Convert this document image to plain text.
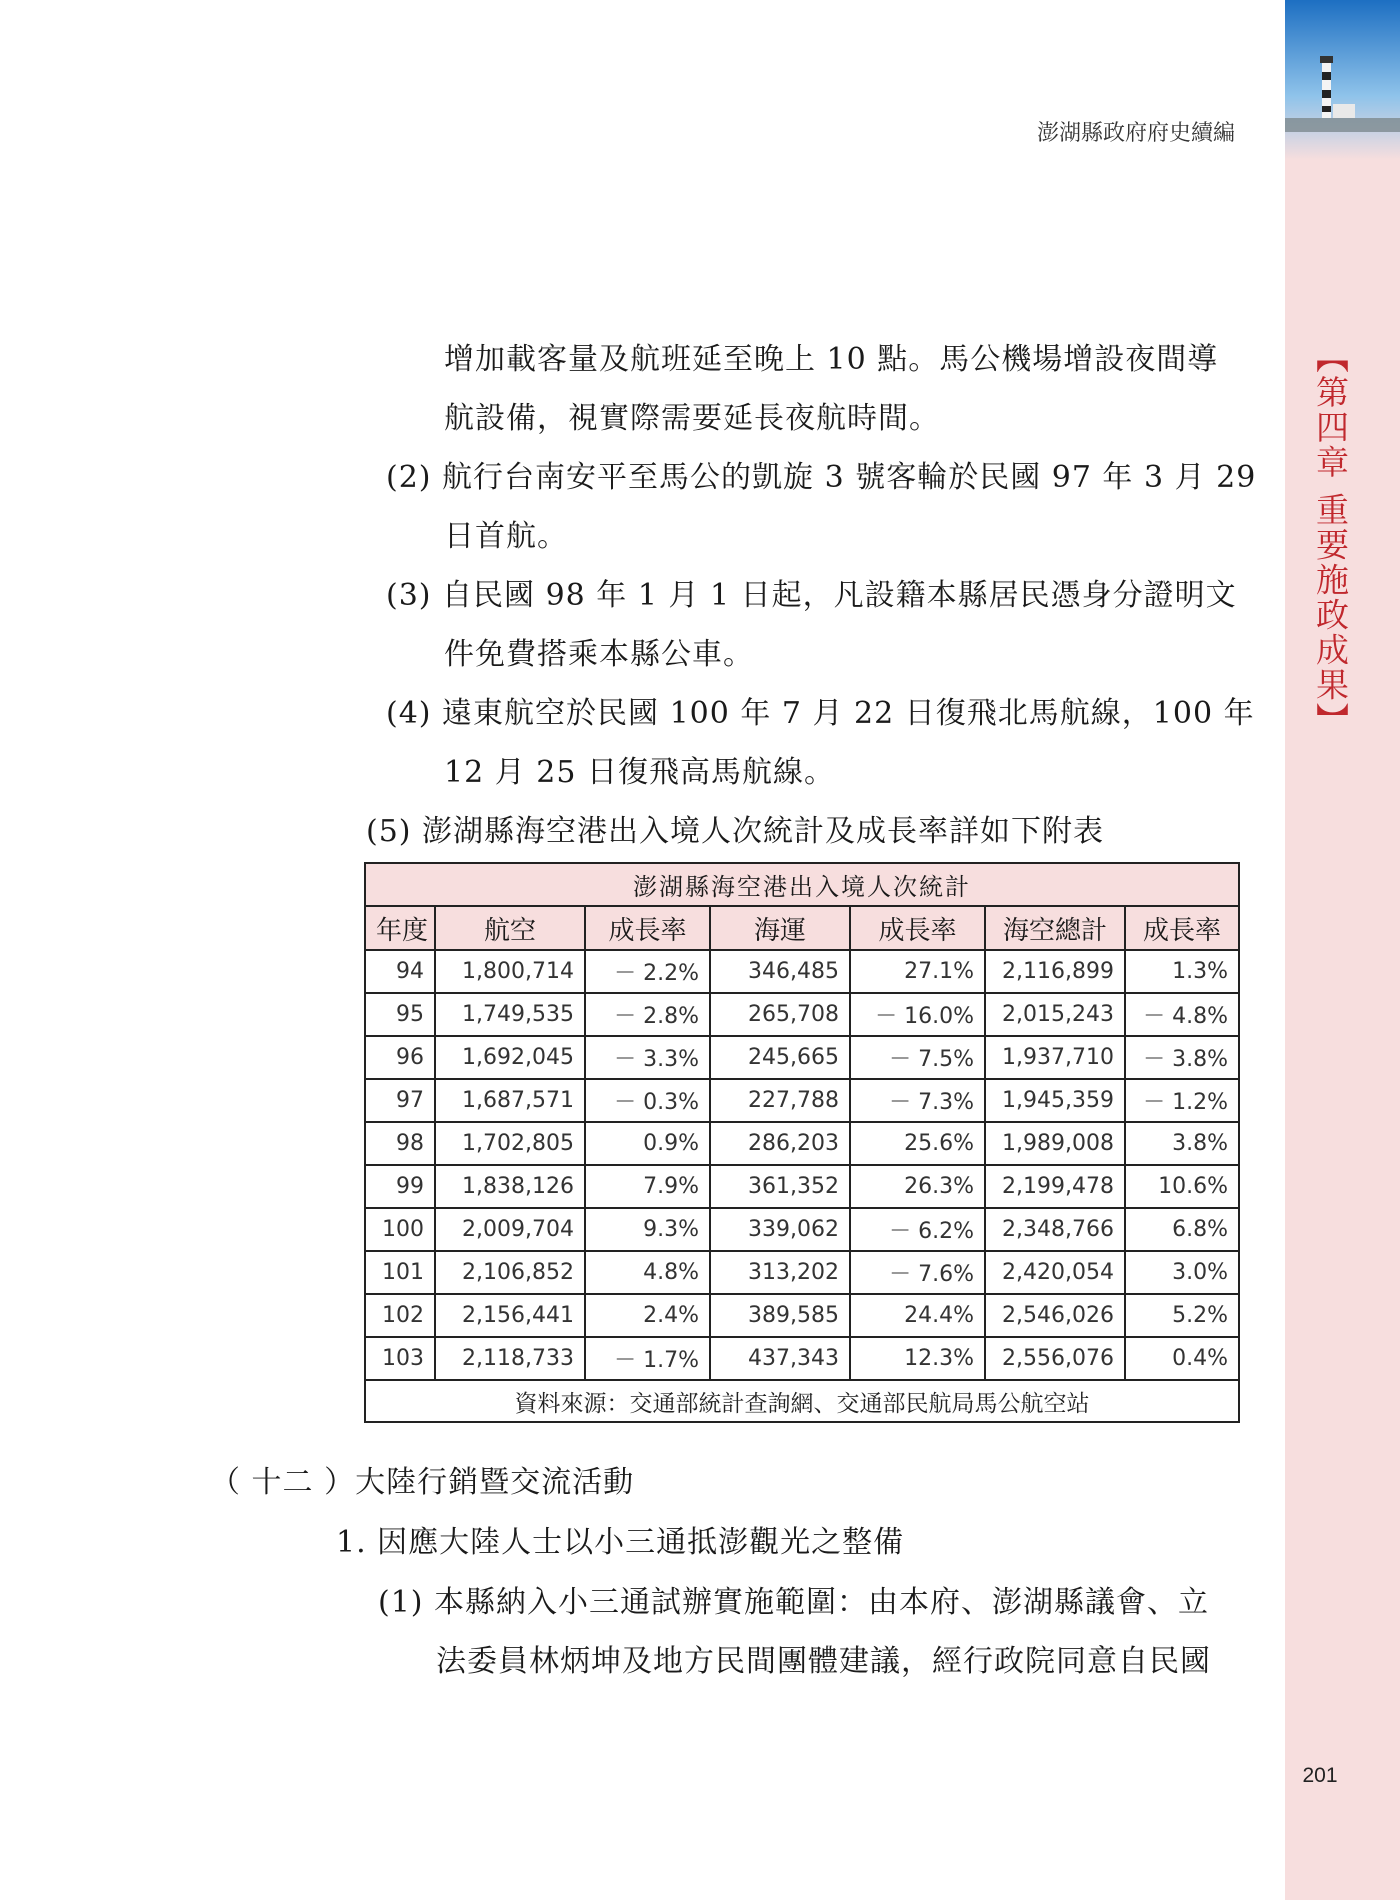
澎湖縣政府府史續編
【第四章 重要施政成果】
201
增加載客量及航班延至晚上 10 點。馬公機場增設夜間導
航設備，視實際需要延長夜航時間。
(2) 航行台南安平至馬公的凱旋 3 號客輪於民國 97 年 3 月 29
日首航。
(3) 自民國 98 年 1 月 1 日起，凡設籍本縣居民憑身分證明文
件免費搭乘本縣公車。
(4) 遠東航空於民國 100 年 7 月 22 日復飛北馬航線，100 年
12 月 25 日復飛高馬航線。
(5) 澎湖縣海空港出入境人次統計及成長率詳如下附表
澎湖縣海空港出入境人次統計						
年度	航空	成長率	海運	成長率	海空總計	成長率
94	1,800,714	－ 2.2%	346,485	27.1%	2,116,899	1.3%
95	1,749,535	－ 2.8%	265,708	－ 16.0%	2,015,243	－ 4.8%
96	1,692,045	－ 3.3%	245,665	－ 7.5%	1,937,710	－ 3.8%
97	1,687,571	－ 0.3%	227,788	－ 7.3%	1,945,359	－ 1.2%
98	1,702,805	0.9%	286,203	25.6%	1,989,008	3.8%
99	1,838,126	7.9%	361,352	26.3%	2,199,478	10.6%
100	2,009,704	9.3%	339,062	－ 6.2%	2,348,766	6.8%
101	2,106,852	4.8%	313,202	－ 7.6%	2,420,054	3.0%
102	2,156,441	2.4%	389,585	24.4%	2,546,026	5.2%
103	2,118,733	－ 1.7%	437,343	12.3%	2,556,076	0.4%
資料來源：交通部統計查詢網、交通部民航局馬公航空站						
（ 十二 ）大陸行銷暨交流活動
1. 因應大陸人士以小三通抵澎觀光之整備
(1) 本縣納入小三通試辦實施範圍：由本府、澎湖縣議會、立
法委員林炳坤及地方民間團體建議，經行政院同意自民國
